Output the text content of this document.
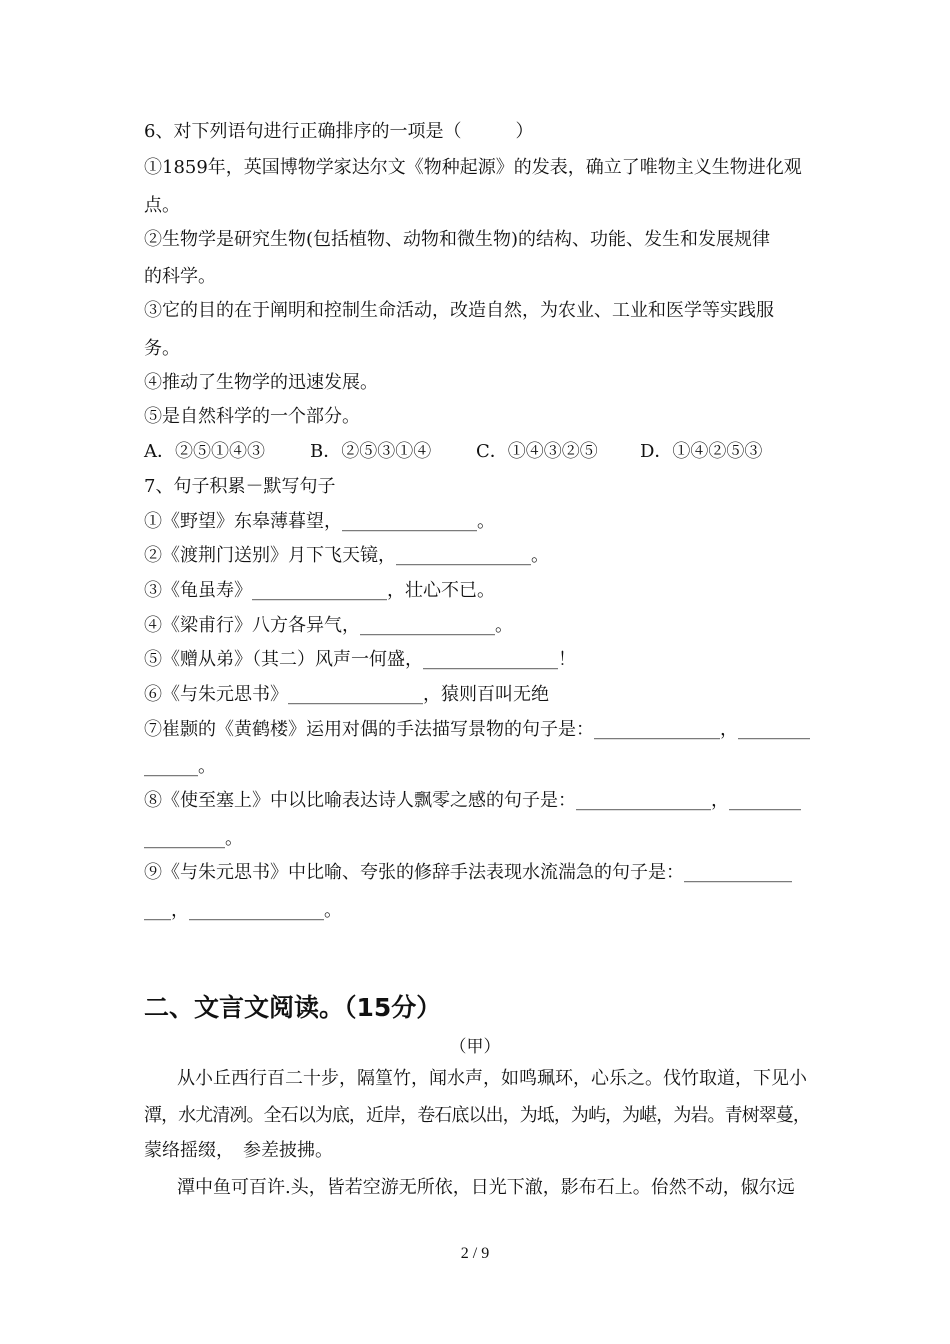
6、对下列语句进行正确排序的一项是（　　　）

①1859年，英国博物学家达尔文《物种起源》的发表，确立了唯物主义生物进化观

点。

②生物学是研究生物(包括植物、动物和微生物)的结构、功能、发生和发展规律

的科学。

③它的目的在于阐明和控制生命活动，改造自然，为农业、工业和医学等实践服

务。

④推动了生物学的迅速发展。

⑤是自然科学的一个部分。

A．②⑤①④③	B．②⑤③①④ C．①④③②⑤ D．①④②⑤③

7、句子积累－默写句子

①《野望》东皋薄暮望，_______________。

②《渡荆门送别》月下飞天镜，_______________。

③《龟虽寿》_______________，壮心不已。

④《梁甫行》八方各异气，_______________。

⑤《赠从弟》（其二）风声一何盛，_______________！

⑥《与朱元思书》_______________，猿则百叫无绝

⑦崔颢的《黄鹤楼》运用对偶的手法描写景物的句子是：______________，________

______。

⑧《使至塞上》中以比喻表达诗人飘零之感的句子是：_______________，________

_________。

⑨《与朱元思书》中比喻、夸张的修辞手法表现水流湍急的句子是：____________

___，_______________。

二、文言文阅读。（15分）
（甲）

从小丘西行百二十步，隔篁竹，闻水声，如鸣珮环，心乐之。伐竹取道，下见小

潭，水尤清冽。全石以为底，近岸，卷石底以出，为坻，为屿，为嵁，为岩。青树翠蔓，

蒙络摇缀，　参差披拂。

潭中鱼可百许.头，皆若空游无所依，日光下澈，影布石上。佁然不动，俶尔远

2 / 9
